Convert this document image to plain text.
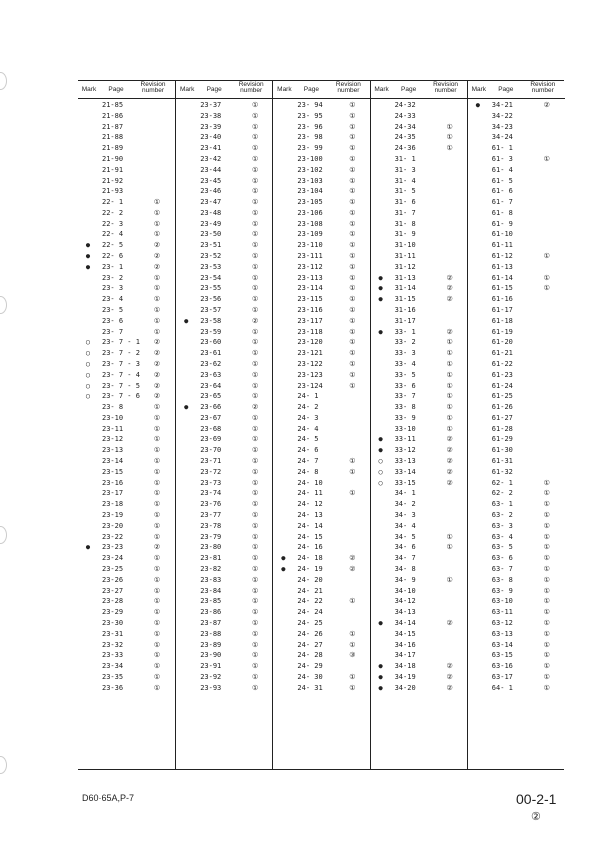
Mark	Page
Revision number
21-85
21-86
21-87
21-88
21-89
21-90
21-91
21-92
21-93
22- 1	①
22- 2	①
22- 3	①
22- 4	①
●	22- 5	②
●	22- 6	②
●	23- 1	②
23- 2	①
23- 3	①
23- 4	①
23- 5	①
23- 6	①
23- 7	①
○	23- 7 - 1	②
○	23- 7 - 2	②
○	23- 7 - 3	②
○	23- 7 - 4	②
○	23- 7 - 5	②
○	23- 7 - 6	②
23- 8	①
23-10	①
23-11	①
23-12	①
23-13	①
23-14	①
23-15	①
23-16	①
23-17	①
23-18	①
23-19	①
23-20	①
23-22	①
●	23-23	②
23-24	①
23-25	①
23-26	①
23-27	①
23-28	①
23-29	①
23-30	①
23-31	①
23-32	①
23-33	①
23-34	①
23-35	①
23-36	①
Mark	Page
Revision number
23-37	①
23-38	①
23-39	①
23-40	①
23-41	①
23-42	①
23-44	①
23-45	①
23-46	①
23-47	①
23-48	①
23-49	①
23-50	①
23-51	①
23-52	①
23-53	①
23-54	①
23-55	①
23-56	①
23-57	①
●	23-58	②
23-59	①
23-60	①
23-61	①
23-62	①
23-63	①
23-64	①
23-65	①
●	23-66	②
23-67	①
23-68	①
23-69	①
23-70	①
23-71	①
23-72	①
23-73	①
23-74	①
23-76	①
23-77	①
23-78	①
23-79	①
23-80	①
23-81	①
23-82	①
23-83	①
23-84	①
23-85	①
23-86	①
23-87	①
23-88	①
23-89	①
23-90	①
23-91	①
23-92	①
23-93	①
Mark	Page
Revision number
23- 94	①
23- 95	①
23- 96	①
23- 98	①
23- 99	①
23-100	①
23-102	①
23-103	①
23-104	①
23-105	①
23-106	①
23-108	①
23-109	①
23-110	①
23-111	①
23-112	①
23-113	①
23-114	①
23-115	①
23-116	①
23-117	①
23-118	①
23-120	①
23-121	①
23-122	①
23-123	①
23-124	①
24- 1
24- 2
24- 3
24- 4
24- 5
24- 6
24- 7	①
24- 8	①
24- 10
24- 11	①
24- 12
24- 13
24- 14
24- 15
24- 16
●	24- 18	②
●	24- 19	②
24- 20
24- 21
24- 22	①
24- 24
24- 25
24- 26	①
24- 27	①
24- 28	③
24- 29
24- 30	①
24- 31	①
Mark	Page
Revision number
24-32
24-33
24-34	①
24-35	①
24-36	①
31- 1
31- 3
31- 4
31- 5
31- 6
31- 7
31- 8
31- 9
31-10
31-11
31-12
●	31-13	②
●	31-14	②
●	31-15	②
31-16
31-17
●	33- 1	②
33- 2	①
33- 3	①
33- 4	①
33- 5	①
33- 6	①
33- 7	①
33- 8	①
33- 9	①
33-10	①
●	33-11	②
●	33-12	②
○	33-13	②
○	33-14	②
○	33-15	②
34- 1
34- 2
34- 3
34- 4
34- 5	①
34- 6	①
34- 7
34- 8
34- 9	①
34-10
34-12
34-13
●	34-14	②
34-15
34-16
34-17
●	34-18	②
●	34-19	②
●	34-20	②
Mark	Page
Revision number
●	34-21	②
34-22
34-23
34-24
61- 1
61- 3	①
61- 4
61- 5
61- 6
61- 7
61- 8
61- 9
61-10
61-11
61-12	①
61-13
61-14	①
61-15	①
61-16
61-17
61-18
61-19
61-20
61-21
61-22
61-23
61-24
61-25
61-26
61-27
61-28
61-29
61-30
61-31
61-32
62- 1	①
62- 2	①
63- 1	①
63- 2	①
63- 3	①
63- 4	①
63- 5	①
63- 6	①
63- 7	①
63- 8	①
63- 9	①
63-10	①
63-11	①
63-12	①
63-13	①
63-14	①
63-15	①
63-16	①
63-17	①
64- 1	①
D60·65A,P-7	00-2-1
②
